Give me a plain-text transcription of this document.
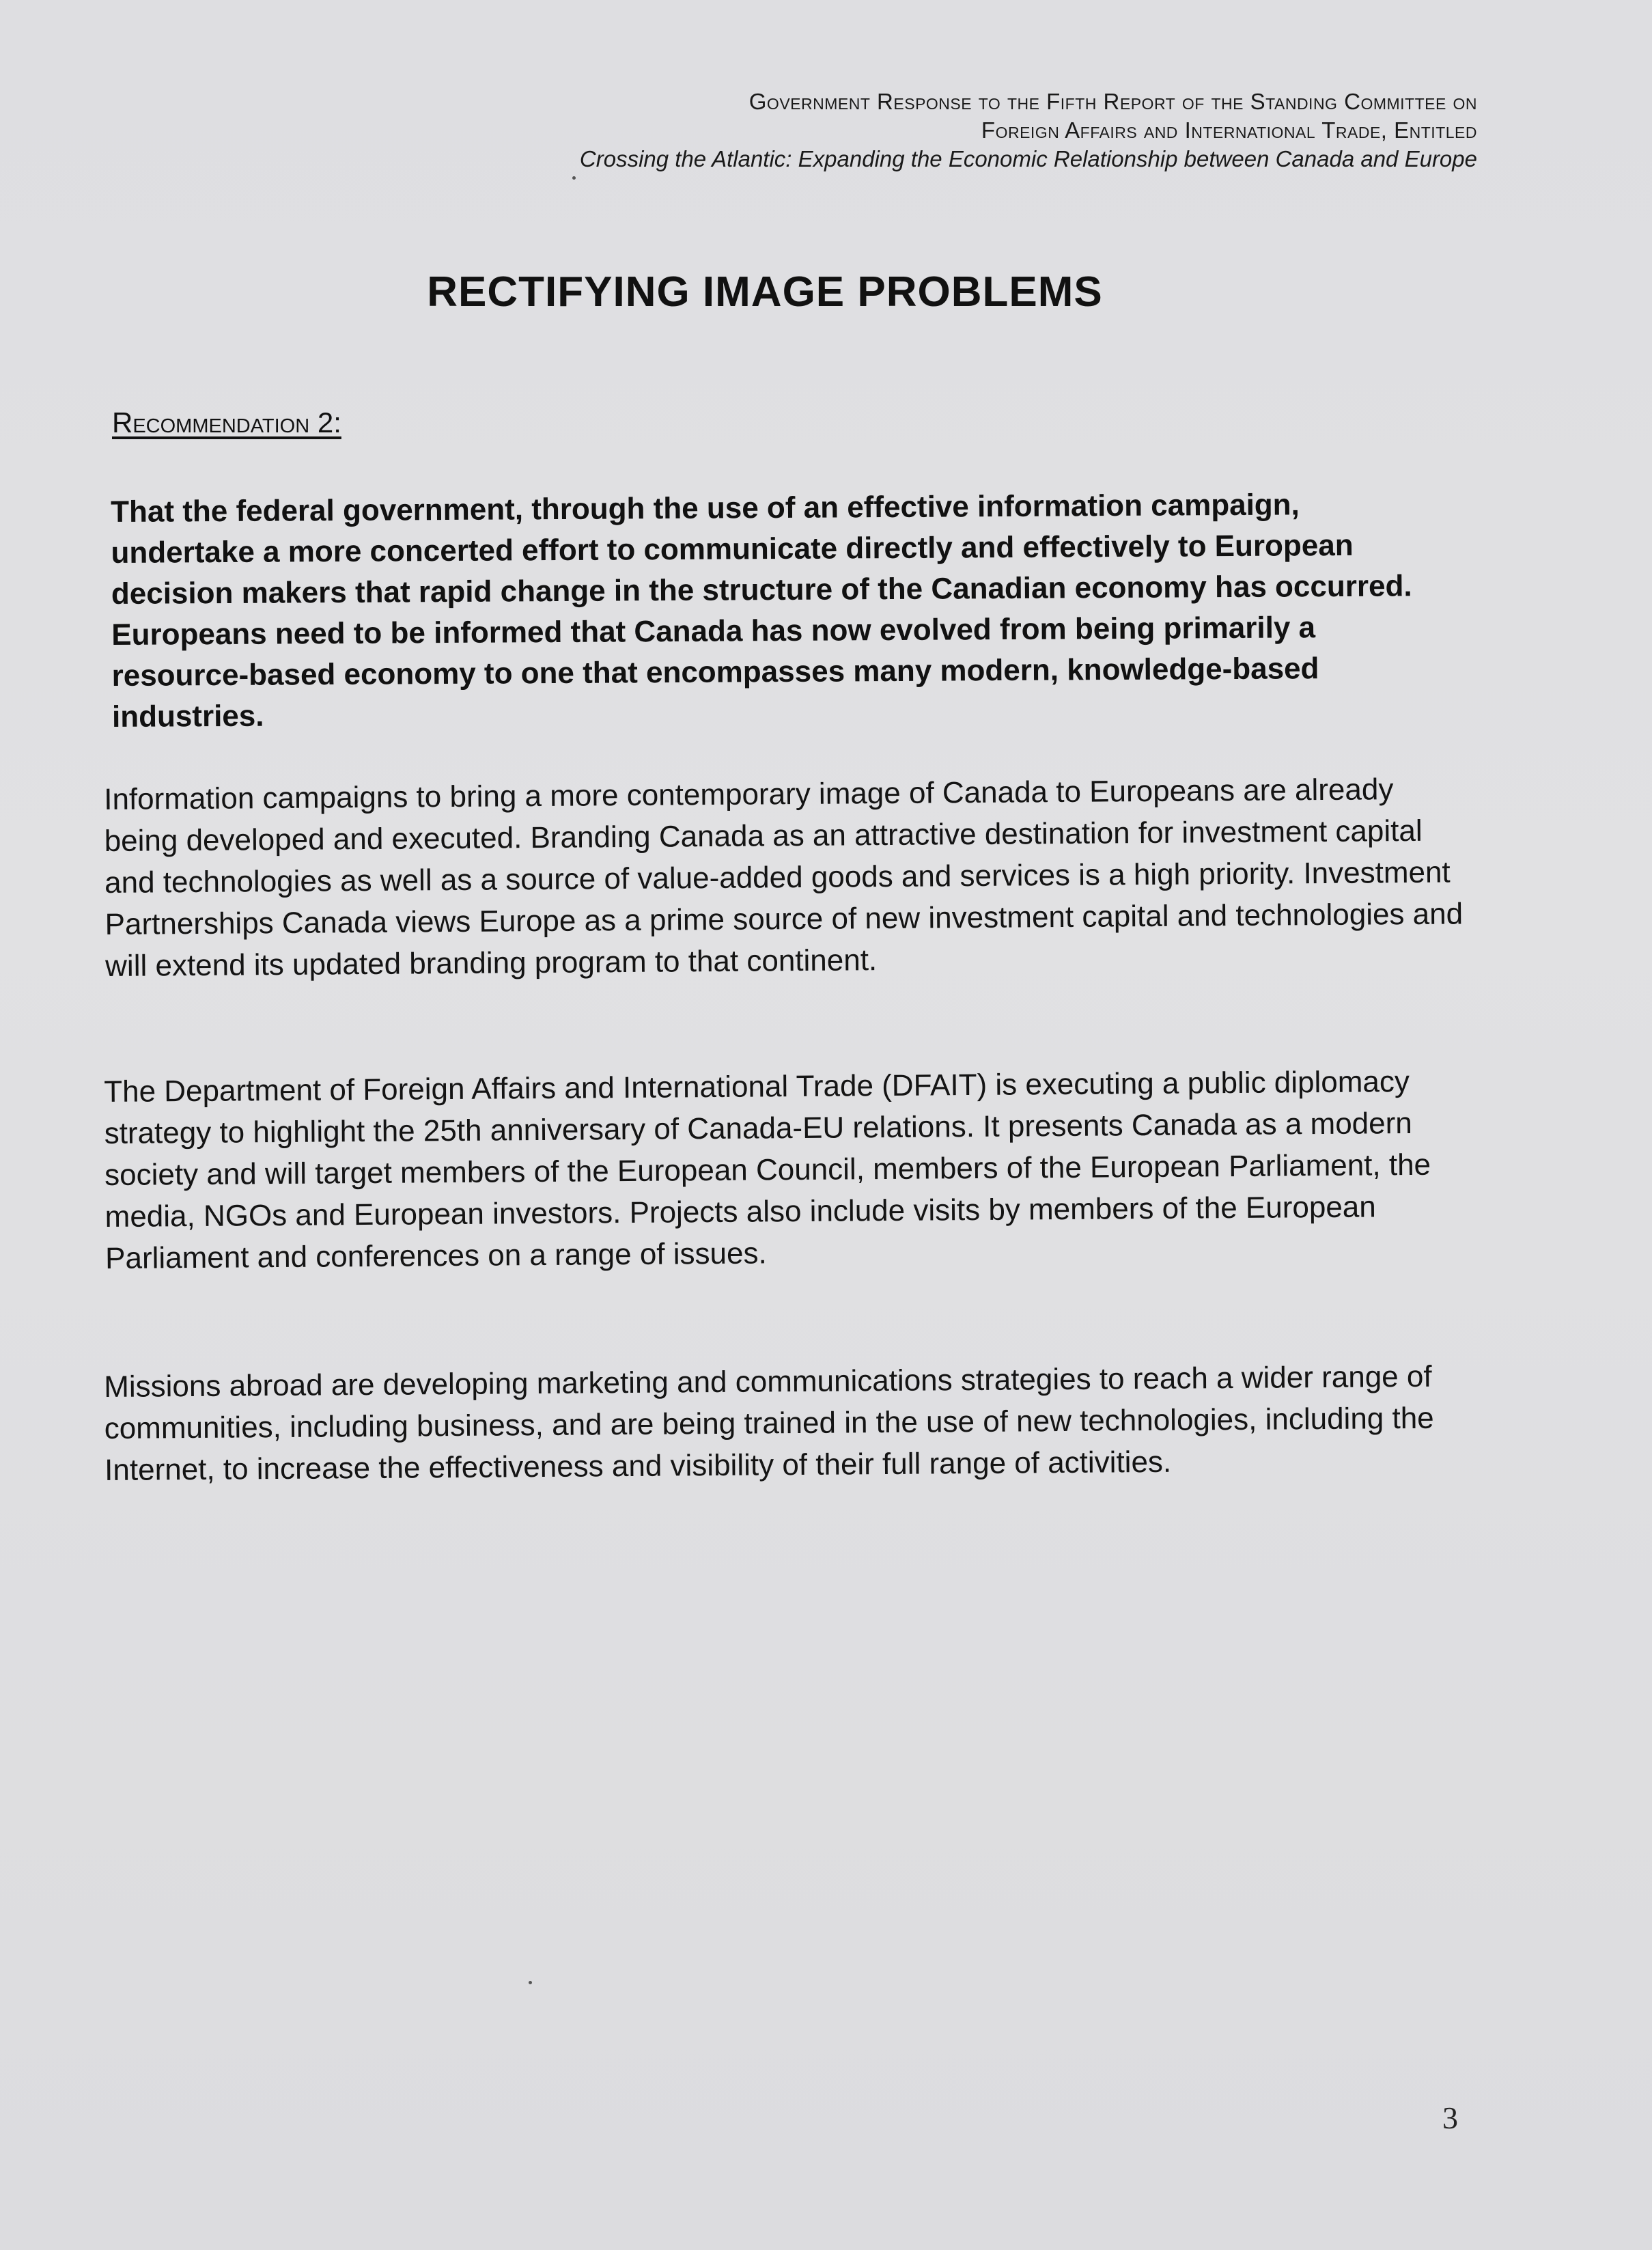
Government Response to the Fifth Report of the Standing Committee on
Foreign Affairs and International Trade, Entitled
Crossing the Atlantic: Expanding the Economic Relationship between Canada and Europe
RECTIFYING IMAGE PROBLEMS
Recommendation 2:
That the federal government, through the use of an effective information campaign, undertake a more concerted effort to communicate directly and effectively to European decision makers that rapid change in the structure of the Canadian economy has occurred. Europeans need to be informed that Canada has now evolved from being primarily a resource-based economy to one that encompasses many modern, knowledge-based industries.
Information campaigns to bring a more contemporary image of Canada to Europeans are already being developed and executed. Branding Canada as an attractive destination for investment capital and technologies as well as a source of value-added goods and services is a high priority. Investment Partnerships Canada views Europe as a prime source of new investment capital and technologies and will extend its updated branding program to that continent.
The Department of Foreign Affairs and International Trade (DFAIT) is executing a public diplomacy strategy to highlight the 25th anniversary of Canada-EU relations. It presents Canada as a modern society and will target members of the European Council, members of the European Parliament, the media, NGOs and European investors. Projects also include visits by members of the European Parliament and conferences on a range of issues.
Missions abroad are developing marketing and communications strategies to reach a wider range of communities, including business, and are being trained in the use of new technologies, including the Internet, to increase the effectiveness and visibility of their full range of activities.
3
